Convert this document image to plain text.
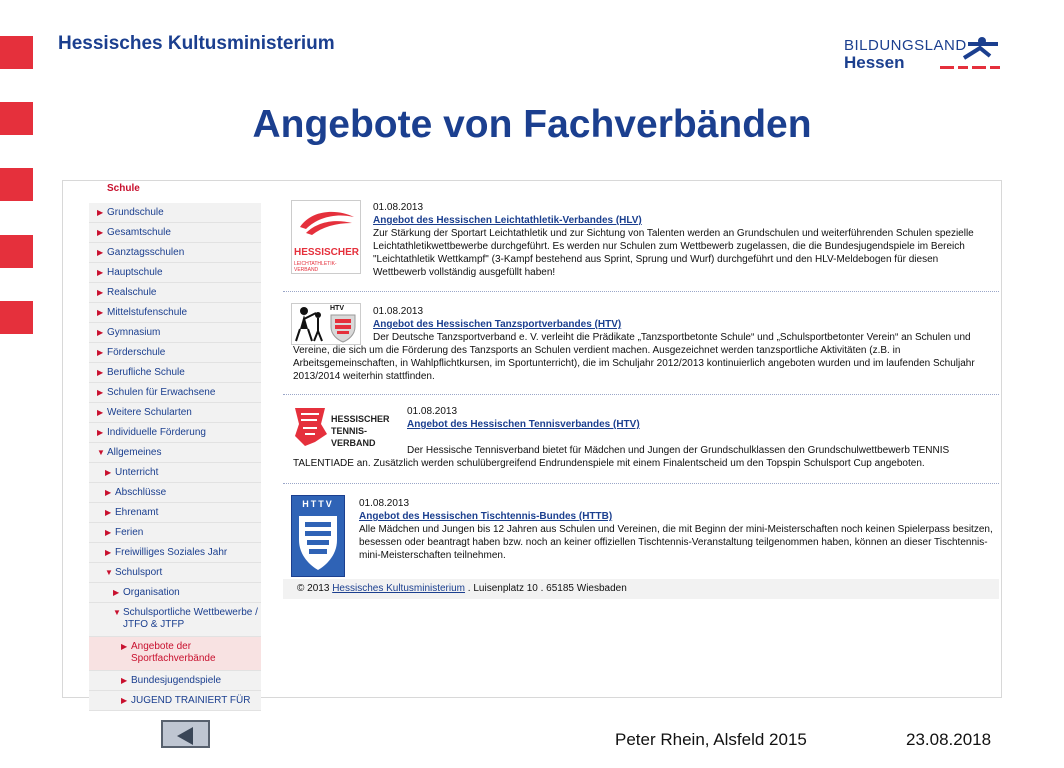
Hessisches Kultusministerium	BILDUNGSLAND
Hessen
Angebote von Fachverbänden
Schule
▶ Grundschule
▶ Gesamtschule
▶ Ganztagsschulen
▶ Hauptschule
▶ Realschule
▶ Mittelstufenschule
▶ Gymnasium
▶ Förderschule
▶ Berufliche Schule
▶ Schulen für Erwachsene
▶ Weitere Schularten
▶ Individuelle Förderung
▼ Allgemeines
▶ Unterricht
▶ Abschlüsse
▶ Ehrenamt
▶ Ferien
▶ Freiwilliges Soziales Jahr
▼ Schulsport
▶ Organisation
▼ Schulsportliche Wettbewerbe / JTFO & JTFP
▶ Angebote der Sportfachverbände
▶ Bundesjugendspiele
▶ JUGEND TRAINIERT FÜR
HESSISCHER
LEICHTATHLETIK-VERBAND
01.08.2013
Angebot des Hessischen Leichtathletik-Verbandes (HLV)
Zur Stärkung der Sportart Leichtathletik und zur Sichtung von Talenten werden an Grundschulen und weiterführenden Schulen spezielle Leichtathletikwettbewerbe durchgeführt. Es werden nur Schulen zum Wettbewerb zugelassen, die die Bundesjugendspiele im Bereich "Leichtathletik Wettkampf" (3-Kampf bestehend aus Sprint, Sprung und Wurf) durchgeführt und den HLV-Meldebogen für diesen Wettbewerb vollständig ausgefüllt haben!
HTV	01.08.2013
Angebot des Hessischen Tanzsportverbandes (HTV)
Der Deutsche Tanzsportverband e. V. verleiht die Prädikate „Tanzsportbetonte Schule“ und „Schulsportbetonter Verein“ an Schulen und Vereine, die sich um die Förderung des Tanzsports an Schulen verdient machen. Ausgezeichnet werden tanzsportliche Aktivitäten (z.B. in Arbeitsgemeinschaften, in Wahlpflichtkursen, im Sportunterricht), die im Schuljahr 2012/2013 kontinuierlich angeboten wurden und im laufenden Schuljahr 2013/2014 weiterhin stattfinden.
HESSISCHER
TENNIS-
VERBAND
01.08.2013
Angebot des Hessischen Tennisverbandes (HTV)
Der Hessische Tennisverband bietet für Mädchen und Jungen der Grundschulklassen den Grundschulwettbewerb TENNIS TALENTIADE an. Zusätzlich werden schulübergreifend Endrundenspiele mit einem Finalentscheid um den Topspin Schulsport Cup angeboten.
HTTV	01.08.2013
Angebot des Hessischen Tischtennis-Bundes (HTTB)
Alle Mädchen und Jungen bis 12 Jahren aus Schulen und Vereinen, die mit Beginn der mini-Meisterschaften noch keinen Spielerpass besitzen, besessen oder beantragt haben bzw. noch an keiner offiziellen Tischtennis-Veranstaltung teilgenommen haben, können an dieser Tischtennis-mini-Meisterschaften teilnehmen.
© 2013 Hessisches Kultusministerium . Luisenplatz 10 . 65185 Wiesbaden
Peter Rhein, Alsfeld 2015	23.08.2018
